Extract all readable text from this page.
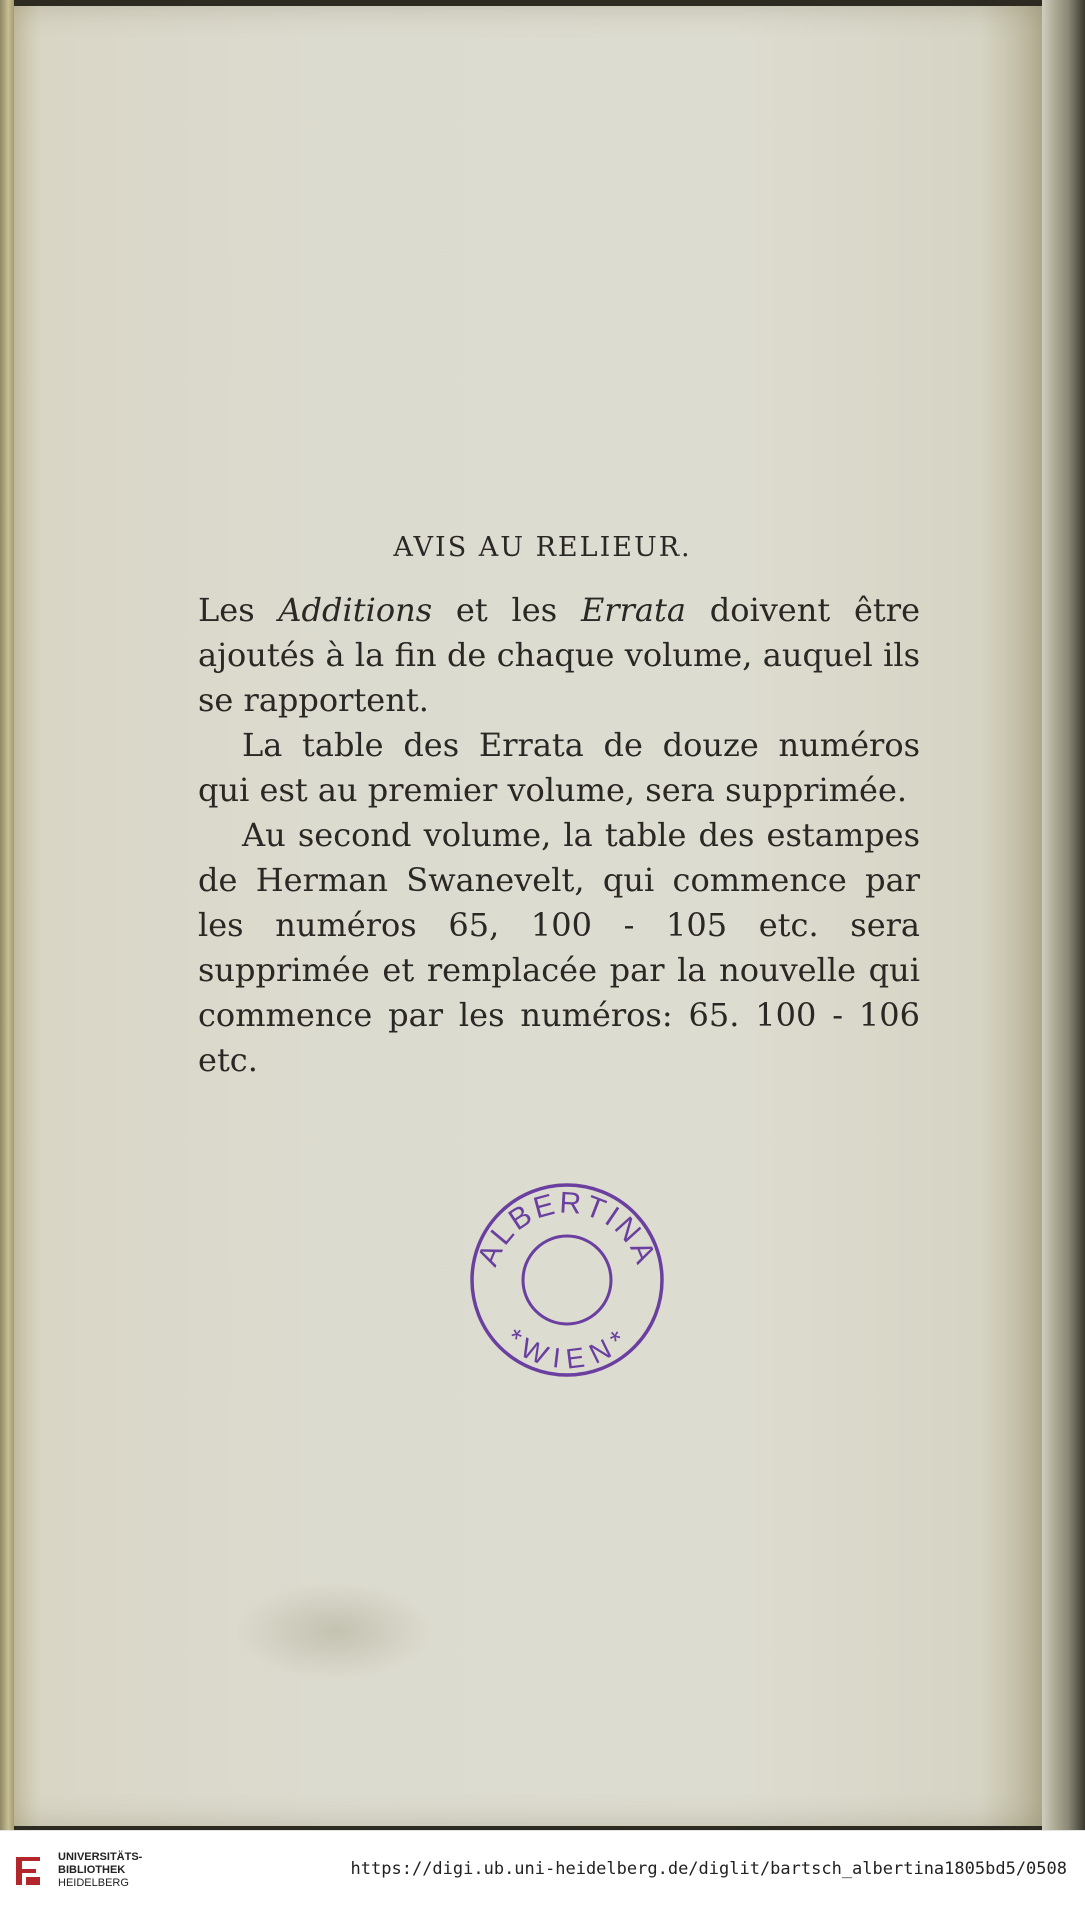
AVIS AU RELIEUR.

Les Additions et les Errata doivent être ajoutés à la fin de chaque volume, auquel ils se rapportent.

La table des Errata de douze numéros qui est au premier volume, sera supprimée.

Au second volume, la table des estampes de Herman Swanevelt, qui commence par les numéros 65, 100 - 105 etc. sera supprimée et remplacée par la nouvelle qui commence par les numéros: 65. 100 - 106 etc.

ALBERTINA
*WIEN*
UNIVERSITÄTS-
BIBLIOTHEK
HEIDELBERG
https://digi.ub.uni-heidelberg.de/diglit/bartsch_albertina1805bd5/0508
